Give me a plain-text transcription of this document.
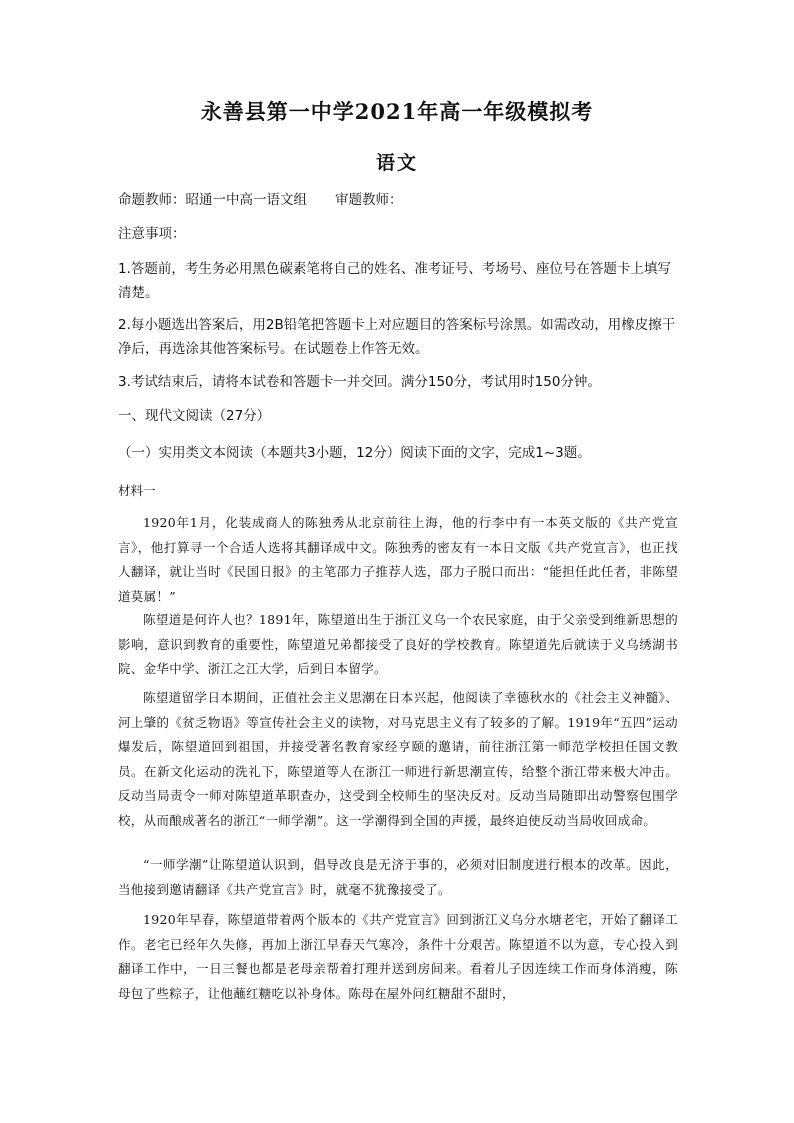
永善县第一中学2021年高一年级模拟考
语文
命题教师：昭通一中高一语文组 审题教师：
注意事项：
1.答题前，考生务必用黑色碳素笔将自己的姓名、准考证号、考场号、座位号在答题卡上填写清楚。
2.每小题选出答案后，用2B铅笔把答题卡上对应题目的答案标号涂黑。如需改动，用橡皮擦干净后，再选涂其他答案标号。在试题卷上作答无效。
3.考试结束后，请将本试卷和答题卡一并交回。满分150分，考试用时150分钟。
一、现代文阅读（27分）
（一）实用类文本阅读（本题共3小题，12分）阅读下面的文字，完成1~3题。
材料一
1920年1月，化装成商人的陈独秀从北京前往上海，他的行李中有一本英文版的《共产党宣言》，他打算寻一个合适人选将其翻译成中文。陈独秀的密友有一本日文版《共产党宣言》，也正找人翻译，就让当时《民国日报》的主笔邵力子推荐人选，邵力子脱口而出：“能担任此任者，非陈望道莫属！”
陈望道是何许人也？1891年，陈望道出生于浙江义乌一个农民家庭，由于父亲受到维新思想的影响，意识到教育的重要性，陈望道兄弟都接受了良好的学校教育。陈望道先后就读于义乌绣湖书院、金华中学、浙江之江大学，后到日本留学。
陈望道留学日本期间，正值社会主义思潮在日本兴起，他阅读了幸德秋水的《社会主义神髓》、河上肇的《贫乏物语》等宣传社会主义的读物，对马克思主义有了较多的了解。1919年“五四”运动爆发后，陈望道回到祖国，并接受著名教育家经亨颐的邀请，前往浙江第一师范学校担任国文教员。在新文化运动的洗礼下，陈望道等人在浙江一师进行新思潮宣传，给整个浙江带来极大冲击。反动当局责令一师对陈望道革职查办，这受到全校师生的坚决反对。反动当局随即出动警察包围学校，从而酿成著名的浙江“一师学潮”。这一学潮得到全国的声援，最终迫使反动当局收回成命。
“一师学潮”让陈望道认识到，倡导改良是无济于事的，必须对旧制度进行根本的改革。因此，当他接到邀请翻译《共产党宣言》时，就毫不犹豫接受了。
1920年早春，陈望道带着两个版本的《共产党宣言》回到浙江义乌分水塘老宅，开始了翻译工作。老宅已经年久失修，再加上浙江早春天气寒冷，条件十分艰苦。陈望道不以为意，专心投入到翻译工作中，一日三餐也都是老母亲帮着打理并送到房间来。看着儿子因连续工作而身体消瘦，陈母包了些粽子，让他蘸红糖吃以补身体。陈母在屋外问红糖甜不甜时，
